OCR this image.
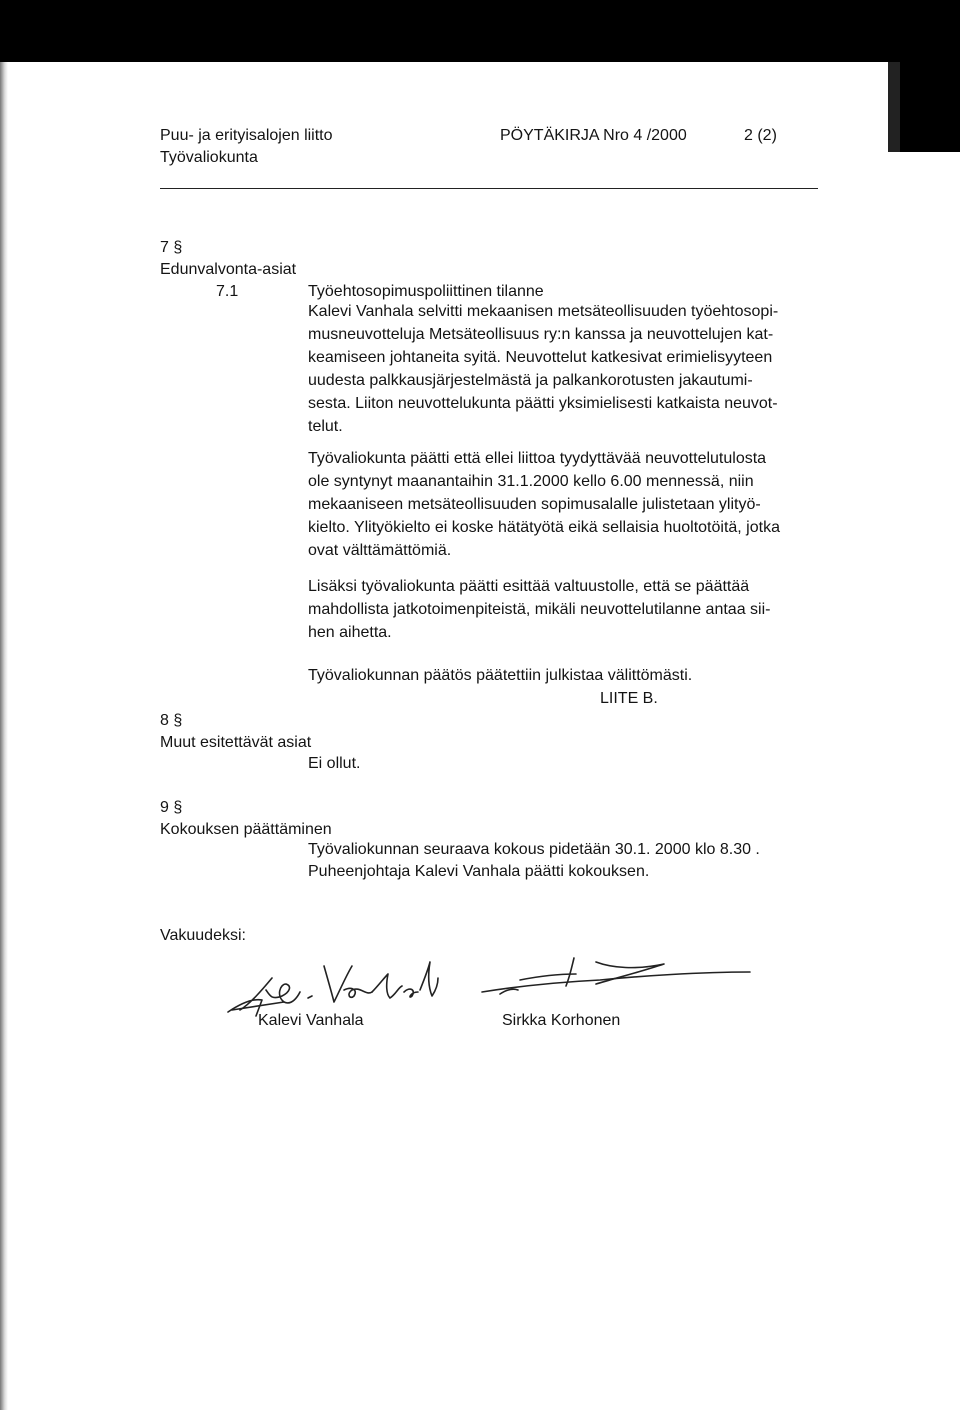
Puu- ja erityisalojen liitto
Työvaliokunta
PÖYTÄKIRJA Nro 4 /2000	2 (2)
7 §
Edunvalvonta-asiat
7.1	Työehtosopimuspoliittinen tilanne
Kalevi Vanhala selvitti mekaanisen metsäteollisuuden työehtosopi-
musneuvotteluja Metsäteollisuus ry:n kanssa ja neuvottelujen kat-
keamiseen johtaneita syitä. Neuvottelut katkesivat erimielisyyteen
uudesta palkkausjärjestelmästä ja palkankorotusten jakautumi-
sesta. Liiton neuvottelukunta päätti yksimielisesti katkaista neuvot-
telut.
Työvaliokunta päätti että ellei liittoa tyydyttävää neuvottelutulosta
ole syntynyt maanantaihin 31.1.2000 kello 6.00 mennessä, niin
mekaaniseen metsäteollisuuden sopimusalalle julistetaan ylityö-
kielto. Ylityökielto ei koske hätätyötä eikä sellaisia huoltotöitä, jotka
ovat välttämättömiä.
Lisäksi työvaliokunta päätti esittää valtuustolle, että se päättää
mahdollista jatkotoimenpiteistä, mikäli neuvottelutilanne antaa sii-
hen aihetta.
Työvaliokunnan päätös päätettiin julkistaa välittömästi.
LIITE B.
8 §
Muut esitettävät asiat
Ei ollut.
9 §
Kokouksen päättäminen
Työvaliokunnan seuraava kokous pidetään 30.1. 2000 klo 8.30 .
Puheenjohtaja Kalevi Vanhala päätti kokouksen.
Vakuudeksi:
Kalevi Vanhala	Sirkka Korhonen
